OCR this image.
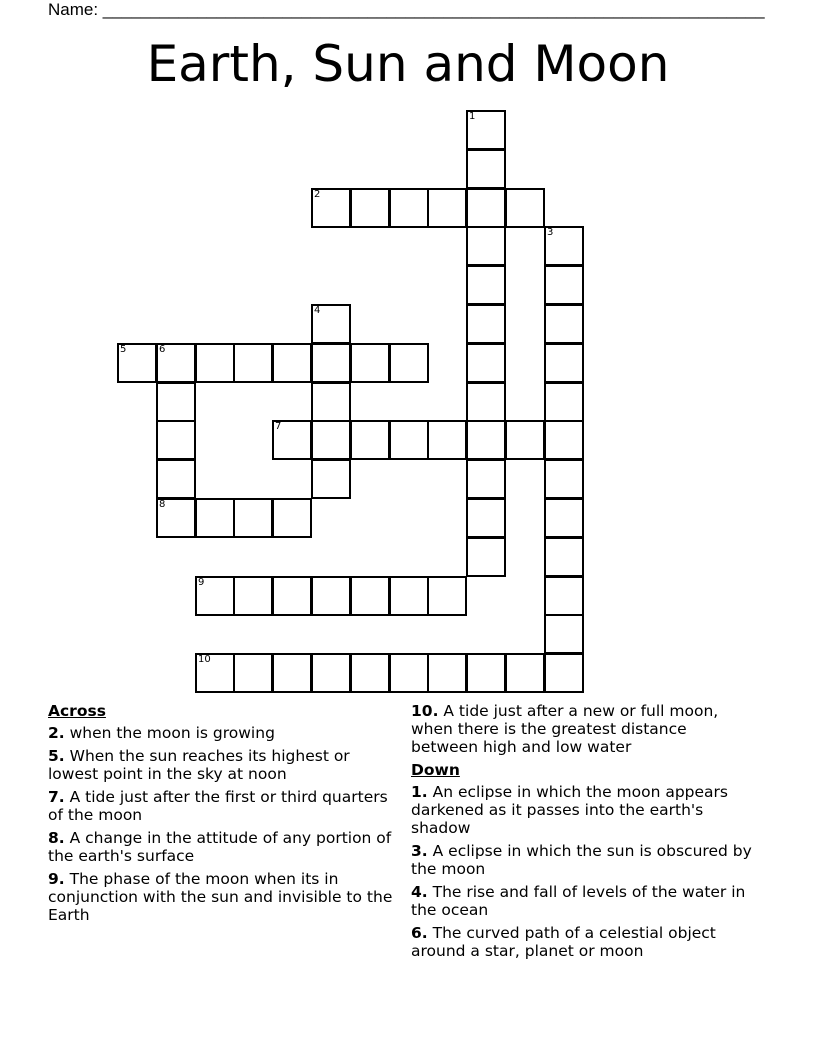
Name: ______________________________________________________________________
Earth, Sun and Moon
1
2
3
4
5	6
8
7
9
10
Across
2. when the moon is growing
5. When the sun reaches its highest or lowest point in the sky at noon
7. A tide just after the first or third quarters of the moon
8. A change in the attitude of any portion of the earth's surface
9. The phase of the moon when its in conjunction with the sun and invisible to the Earth
10. A tide just after a new or full moon, when there is the greatest distance between high and low water
Down
1. An eclipse in which the moon appears darkened as it passes into the earth's shadow
3. A eclipse in which the sun is obscured by the moon
4. The rise and fall of levels of the water in the ocean
6. The curved path of a celestial object around a star, planet or moon
